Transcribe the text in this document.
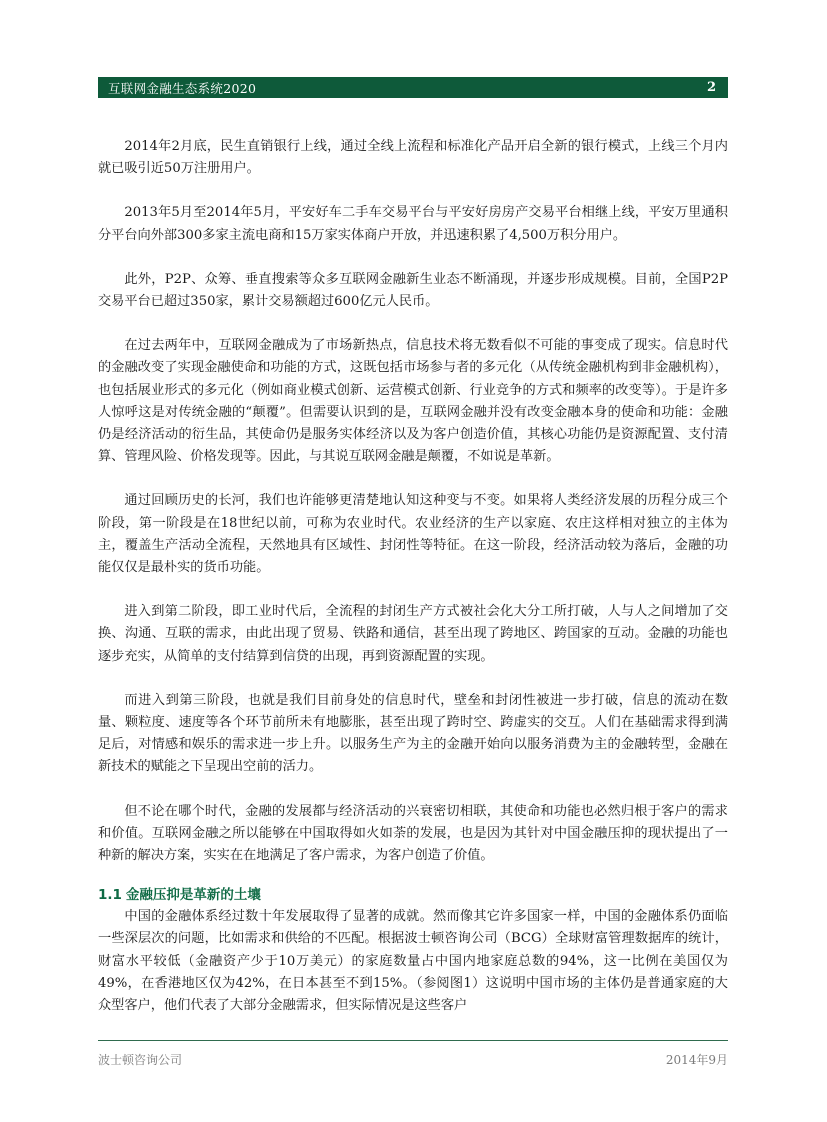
互联网金融生态系统2020	2

2014年2月底，民生直销银行上线，通过全线上流程和标准化产品开启全新的银行模式，上线三个月内就已吸引近50万注册用户。

2013年5月至2014年5月，平安好车二手车交易平台与平安好房房产交易平台相继上线，平安万里通积分平台向外部300多家主流电商和15万家实体商户开放，并迅速积累了4,500万积分用户。

此外，P2P、众筹、垂直搜索等众多互联网金融新生业态不断涌现，并逐步形成规模。目前，全国P2P交易平台已超过350家，累计交易额超过600亿元人民币。

在过去两年中，互联网金融成为了市场新热点，信息技术将无数看似不可能的事变成了现实。信息时代的金融改变了实现金融使命和功能的方式，这既包括市场参与者的多元化（从传统金融机构到非金融机构），也包括展业形式的多元化（例如商业模式创新、运营模式创新、行业竞争的方式和频率的改变等）。于是许多人惊呼这是对传统金融的“颠覆”。但需要认识到的是，互联网金融并没有改变金融本身的使命和功能：金融仍是经济活动的衍生品，其使命仍是服务实体经济以及为客户创造价值，其核心功能仍是资源配置、支付清算、管理风险、价格发现等。因此，与其说互联网金融是颠覆，不如说是革新。

通过回顾历史的长河，我们也许能够更清楚地认知这种变与不变。如果将人类经济发展的历程分成三个阶段，第一阶段是在18世纪以前，可称为农业时代。农业经济的生产以家庭、农庄这样相对独立的主体为主，覆盖生产活动全流程，天然地具有区域性、封闭性等特征。在这一阶段，经济活动较为落后，金融的功能仅仅是最朴实的货币功能。

进入到第二阶段，即工业时代后，全流程的封闭生产方式被社会化大分工所打破，人与人之间增加了交换、沟通、互联的需求，由此出现了贸易、铁路和通信，甚至出现了跨地区、跨国家的互动。金融的功能也逐步充实，从简单的支付结算到信贷的出现，再到资源配置的实现。

而进入到第三阶段，也就是我们目前身处的信息时代，壁垒和封闭性被进一步打破，信息的流动在数量、颗粒度、速度等各个环节前所未有地膨胀，甚至出现了跨时空、跨虚实的交互。人们在基础需求得到满足后，对情感和娱乐的需求进一步上升。以服务生产为主的金融开始向以服务消费为主的金融转型，金融在新技术的赋能之下呈现出空前的活力。

但不论在哪个时代，金融的发展都与经济活动的兴衰密切相联，其使命和功能也必然归根于客户的需求和价值。互联网金融之所以能够在中国取得如火如荼的发展，也是因为其针对中国金融压抑的现状提出了一种新的解决方案，实实在在地满足了客户需求，为客户创造了价值。

1.1 金融压抑是革新的土壤

中国的金融体系经过数十年发展取得了显著的成就。然而像其它许多国家一样，中国的金融体系仍面临一些深层次的问题，比如需求和供给的不匹配。根据波士顿咨询公司（BCG）全球财富管理数据库的统计，财富水平较低（金融资产少于10万美元）的家庭数量占中国内地家庭总数的94%，这一比例在美国仅为49%，在香港地区仅为42%，在日本甚至不到15%。（参阅图1）这说明中国市场的主体仍是普通家庭的大众型客户，他们代表了大部分金融需求，但实际情况是这些客户

波士顿咨询公司	2014年9月
